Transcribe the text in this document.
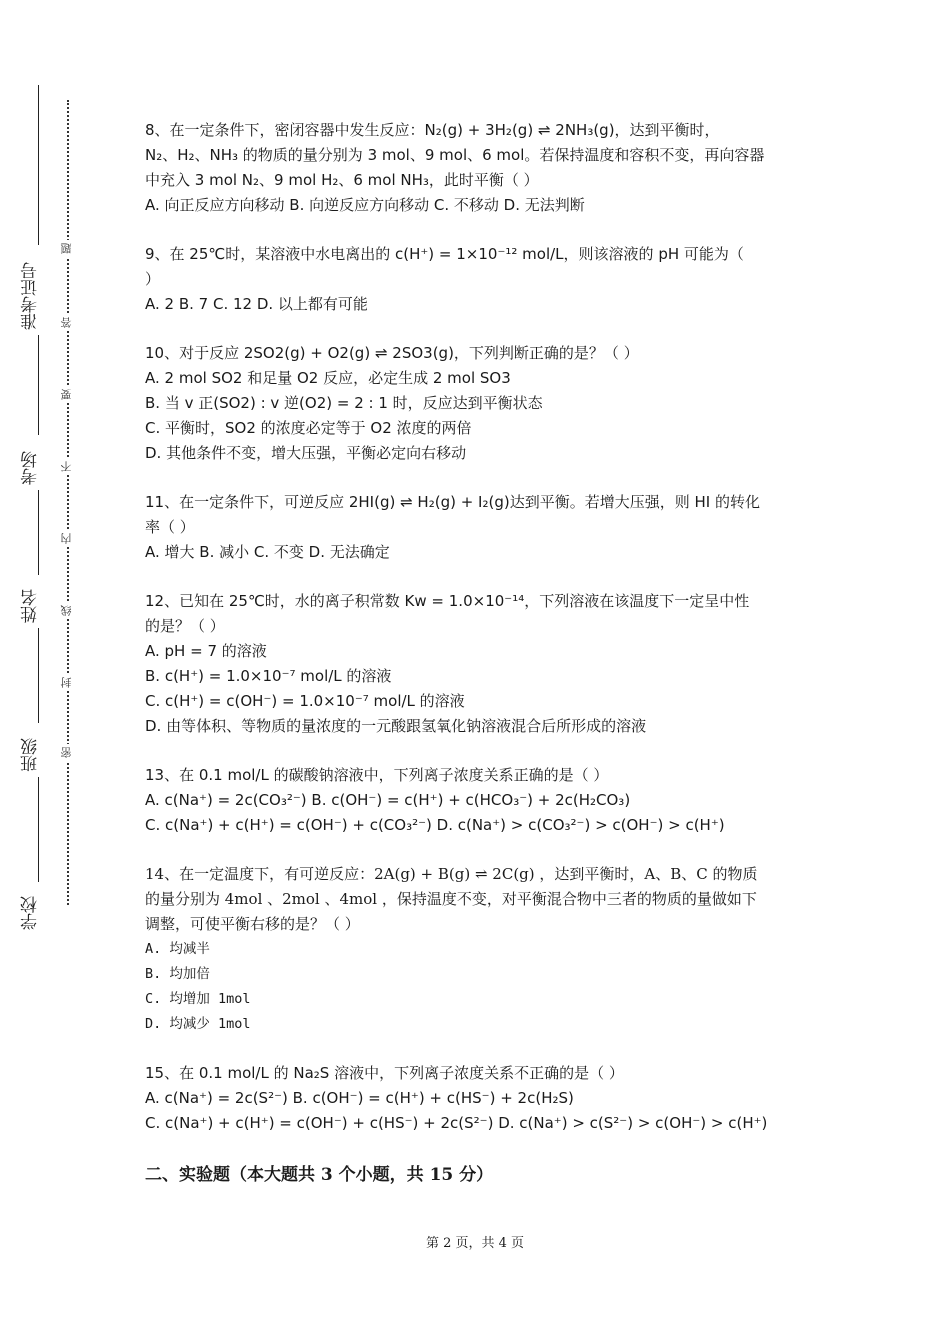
准考证号
考场
姓名
班级
学校
题
答
要
不
内
线
封
密
8、在一定条件下，密闭容器中发生反应：N₂(g) + 3H₂(g) ⇌ 2NH₃(g)，达到平衡时，
N₂、H₂、NH₃ 的物质的量分别为 3 mol、9 mol、6 mol。若保持温度和容积不变，再向容器
中充入 3 mol N₂、9 mol H₂、6 mol NH₃，此时平衡（ ）
A. 向正反应方向移动 B. 向逆反应方向移动 C. 不移动 D. 无法判断
9、在 25℃时，某溶液中水电离出的 c(H⁺) = 1×10⁻¹² mol/L，则该溶液的 pH 可能为（
）
A. 2 B. 7 C. 12 D. 以上都有可能
10、对于反应 2SO2(g) + O2(g) ⇌ 2SO3(g)，下列判断正确的是？（ ）
A. 2 mol SO2 和足量 O2 反应，必定生成 2 mol SO3
B. 当 v 正(SO2) : v 逆(O2) = 2 : 1 时，反应达到平衡状态
C. 平衡时，SO2 的浓度必定等于 O2 浓度的两倍
D. 其他条件不变，增大压强，平衡必定向右移动
11、在一定条件下，可逆反应 2HI(g) ⇌ H₂(g) + I₂(g)达到平衡。若增大压强，则 HI 的转化
率（ ）
A. 增大 B. 减小 C. 不变 D. 无法确定
12、已知在 25℃时，水的离子积常数 Kw = 1.0×10⁻¹⁴，下列溶液在该温度下一定呈中性
的是？（ ）
A. pH = 7 的溶液
B. c(H⁺) = 1.0×10⁻⁷ mol/L 的溶液
C. c(H⁺) = c(OH⁻) = 1.0×10⁻⁷ mol/L 的溶液
D. 由等体积、等物质的量浓度的一元酸跟氢氧化钠溶液混合后所形成的溶液
13、在 0.1 mol/L 的碳酸钠溶液中，下列离子浓度关系正确的是（ ）
A. c(Na⁺) = 2c(CO₃²⁻) B. c(OH⁻) = c(H⁺) + c(HCO₃⁻) + 2c(H₂CO₃)
C. c(Na⁺) + c(H⁺) = c(OH⁻) + c(CO₃²⁻) D. c(Na⁺) > c(CO₃²⁻) > c(OH⁻) > c(H⁺)
14、在一定温度下，有可逆反应：2A(g) + B(g) ⇌ 2C(g) ，达到平衡时，A、B、C 的物质
的量分别为 4mol 、2mol 、4mol ，保持温度不变，对平衡混合物中三者的物质的量做如下
调整，可使平衡右移的是？（ ）
A. 均减半
B. 均加倍
C. 均增加 1mol
D. 均减少 1mol
15、在 0.1 mol/L 的 Na₂S 溶液中，下列离子浓度关系不正确的是（ ）
A. c(Na⁺) = 2c(S²⁻) B. c(OH⁻) = c(H⁺) + c(HS⁻) + 2c(H₂S)
C. c(Na⁺) + c(H⁺) = c(OH⁻) + c(HS⁻) + 2c(S²⁻) D. c(Na⁺) > c(S²⁻) > c(OH⁻) > c(H⁺)
二、实验题（本大题共 3 个小题，共 15 分）
第 2 页，共 4 页
